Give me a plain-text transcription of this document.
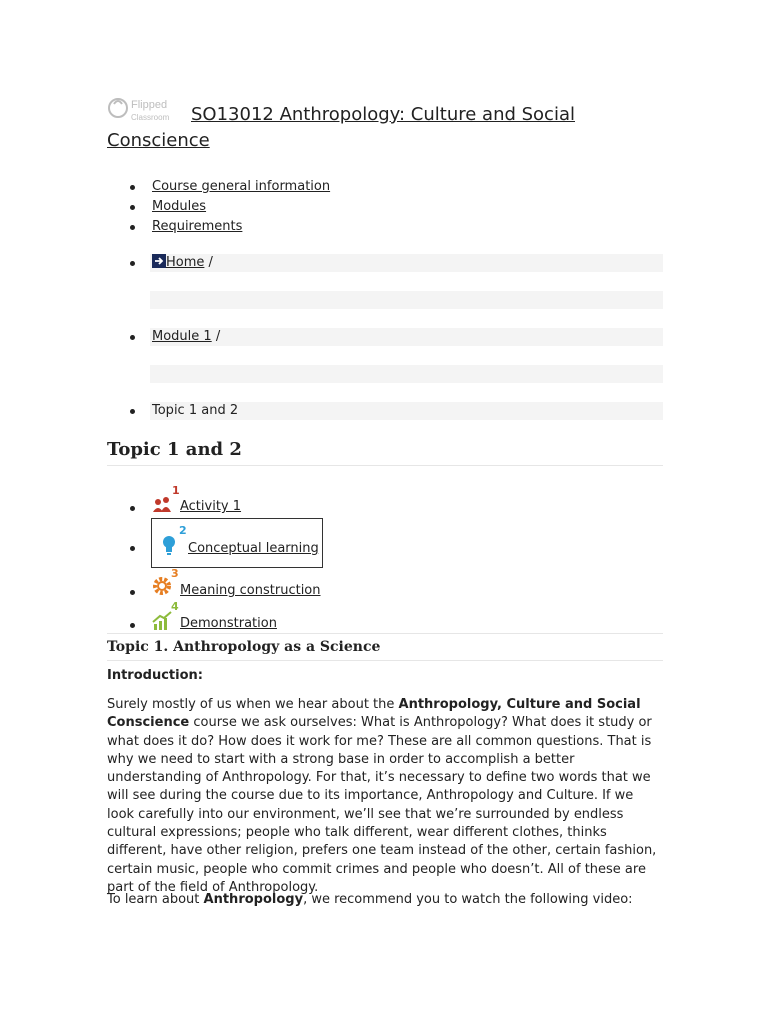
Flipped
Classroom SO13012 Anthropology: Culture and Social Conscience
Course general information
Modules
Requirements
Home /
Module 1 /
Topic 1 and 2
Topic 1 and 2
1
Activity 1
2
Conceptual learning
3
Meaning construction
4
Demonstration
Topic 1. Anthropology as a Science
Introduction:

Surely mostly of us when we hear about the Anthropology, Culture and Social Conscience course we ask ourselves: What is Anthropology? What does it study or what does it do? How does it work for me? These are all common questions. That is why we need to start with a strong base in order to accomplish a better understanding of Anthropology. For that, it’s necessary to define two words that we will see during the course due to its importance, Anthropology and Culture. If we look carefully into our environment, we’ll see that we’re surrounded by endless cultural expressions; people who talk different, wear different clothes, thinks different, have other religion, prefers one team instead of the other, certain fashion, certain music, people who commit crimes and people who doesn’t. All of these are part of the field of Anthropology.

To learn about Anthropology, we recommend you to watch the following video:
